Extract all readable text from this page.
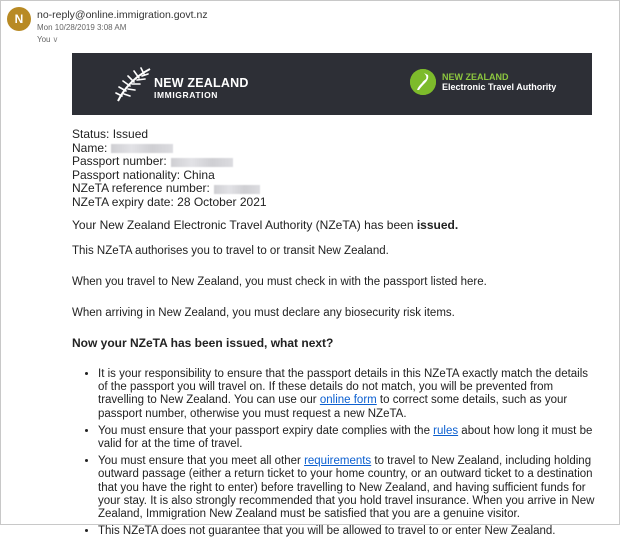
N	no-reply@online.immigration.govt.nz
Mon 10/28/2019 3:08 AM
You ∨
NEW ZEALAND
IMMIGRATION
NEW ZEALAND
Electronic Travel Authority
Status: Issued
Name:
Passport number:
Passport nationality: China
NZeTA reference number:
NZeTA expiry date: 28 October 2021
Your New Zealand Electronic Travel Authority (NZeTA) has been issued.
This NZeTA authorises you to travel to or transit New Zealand.
When you travel to New Zealand, you must check in with the passport listed here.
When arriving in New Zealand, you must declare any biosecurity risk items.
Now your NZeTA has been issued, what next?
• It is your responsibility to ensure that the passport details in this NZeTA exactly match the details of the passport you will travel on. If these details do not match, you will be prevented from travelling to New Zealand. You can use our online form to correct some details, such as your passport number, otherwise you must request a new NZeTA.
• You must ensure that your passport expiry date complies with the rules about how long it must be valid for at the time of travel.
• You must ensure that you meet all other requirements to travel to New Zealand, including holding outward passage (either a return ticket to your home country, or an outward ticket to a destination that you have the right to enter) before travelling to New Zealand, and having sufficient funds for your stay. It is also strongly recommended that you hold travel insurance. When you arrive in New Zealand, Immigration New Zealand must be satisfied that you are a genuine visitor.
• This NZeTA does not guarantee that you will be allowed to travel to or enter New Zealand.
